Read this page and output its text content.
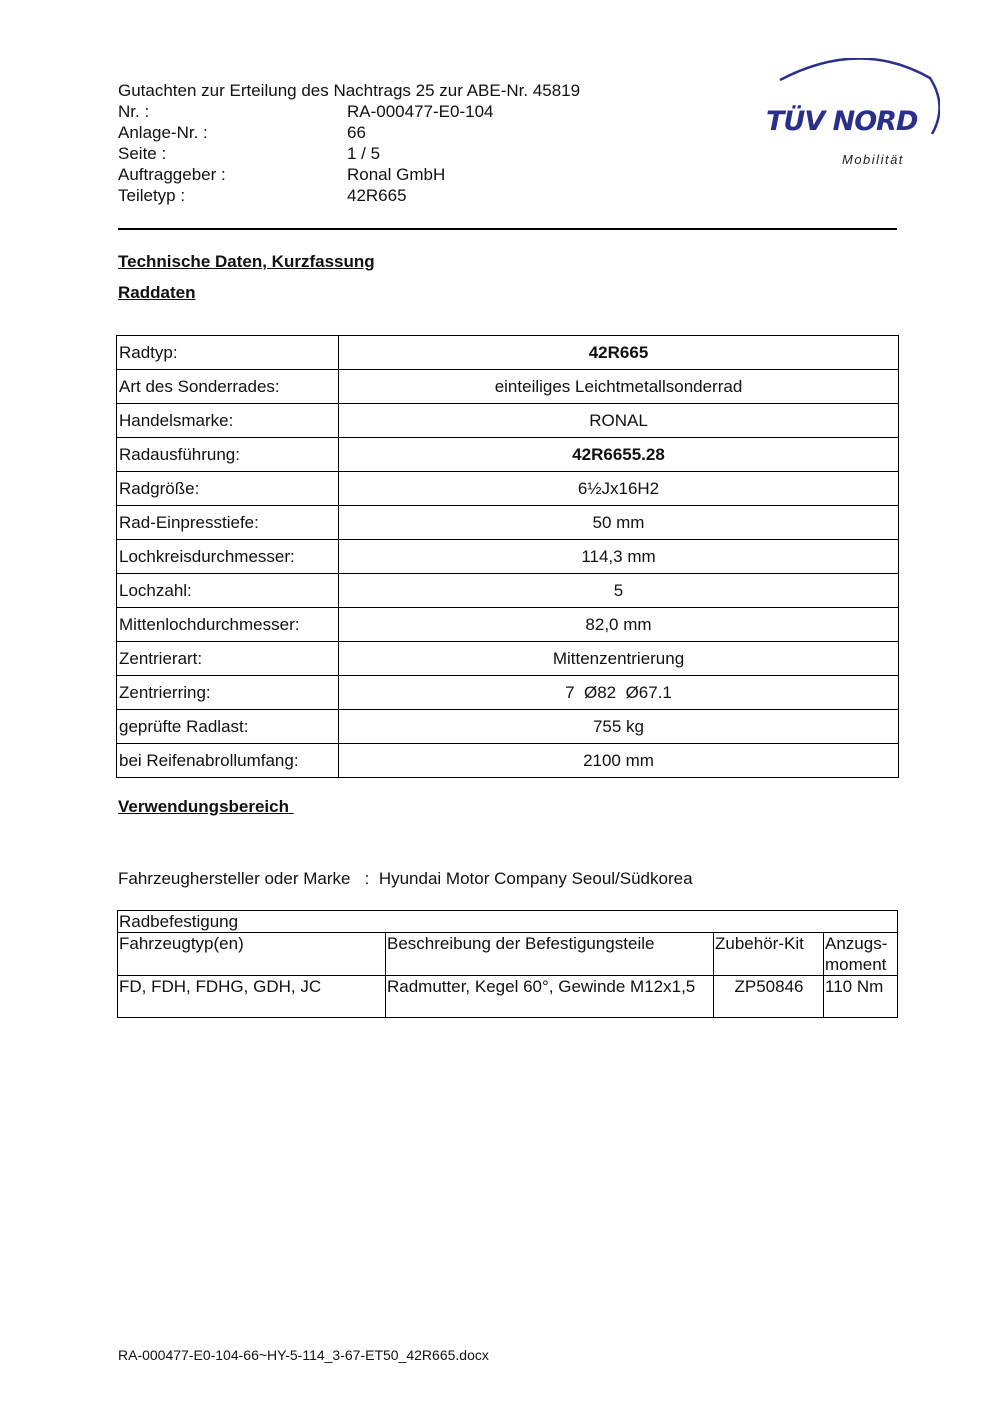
Gutachten zur Erteilung des Nachtrags 25 zur ABE-Nr. 45819
Nr. :	RA-000477-E0-104
Anlage-Nr. :	66
Seite :	1 / 5
Auftraggeber :	Ronal GmbH
Teiletyp :	42R665
TÜV NORD
Mobilität
Technische Daten, Kurzfassung
Raddaten
Radtyp:	42R665
Art des Sonderrades:	einteiliges Leichtmetallsonderrad
Handelsmarke:	RONAL
Radausführung:	42R6655.28
Radgröße:	6½Jx16H2
Rad-Einpresstiefe:	50 mm
Lochkreisdurchmesser:	114,3 mm
Lochzahl:	5
Mittenlochdurchmesser:	82,0 mm
Zentrierart:	Mittenzentrierung
Zentrierring:	7  Ø82  Ø67.1
geprüfte Radlast:	755 kg
bei Reifenabrollumfang:	2100 mm
Verwendungsbereich
Fahrzeughersteller oder Marke : Hyundai Motor Company Seoul/Südkorea
Radbefestigung			
Fahrzeugtyp(en)	Beschreibung der Befestigungsteile	Zubehör-Kit	Anzugs-moment
FD, FDH, FDHG, GDH, JC	Radmutter, Kegel 60°, Gewinde M12x1,5	ZP50846	110 Nm
RA-000477-E0-104-66~HY-5-114_3-67-ET50_42R665.docx
